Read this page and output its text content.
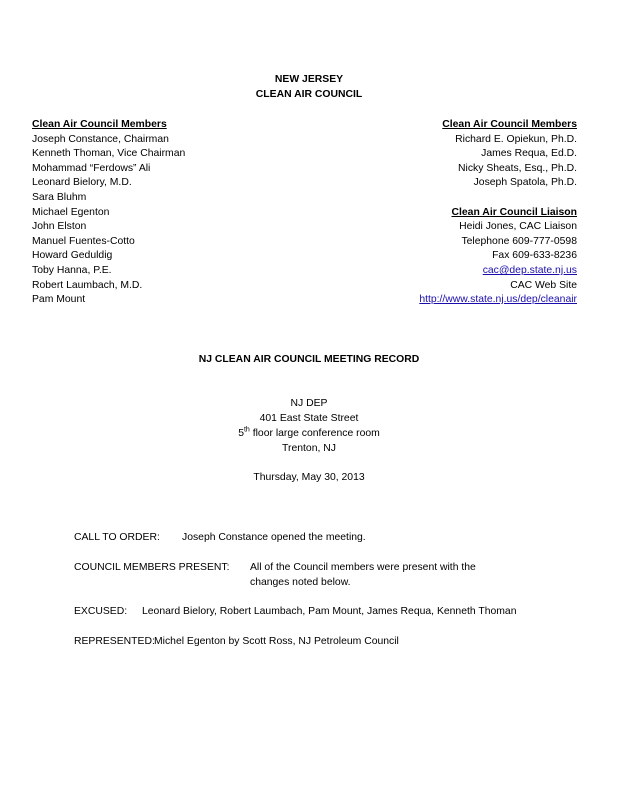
NEW JERSEY
CLEAN AIR COUNCIL
Clean Air Council Members
Joseph Constance, Chairman
Kenneth Thoman, Vice Chairman
Mohammad “Ferdows” Ali
Leonard Bielory, M.D.
Sara Bluhm
Michael Egenton
John Elston
Manuel Fuentes-Cotto
Howard Geduldig
Toby Hanna, P.E.
Robert Laumbach, M.D.
Pam Mount
Clean Air Council Members
Richard E. Opiekun, Ph.D.
James Requa, Ed.D.
Nicky Sheats, Esq., Ph.D.
Joseph Spatola, Ph.D.
Clean Air Council Liaison
Heidi Jones, CAC Liaison
Telephone 609-777-0598
Fax 609-633-8236
cac@dep.state.nj.us
CAC Web Site
http://www.state.nj.us/dep/cleanair
NJ CLEAN AIR COUNCIL MEETING RECORD
NJ DEP
401 East State Street
5th floor large conference room
Trenton, NJ
Thursday, May 30, 2013
CALL TO ORDER: Joseph Constance opened the meeting.
COUNCIL MEMBERS PRESENT: All of the Council members were present with the
changes noted below.
EXCUSED: Leonard Bielory, Robert Laumbach, Pam Mount, James Requa, Kenneth Thoman
REPRESENTED:Michel Egenton by Scott Ross, NJ Petroleum Council
